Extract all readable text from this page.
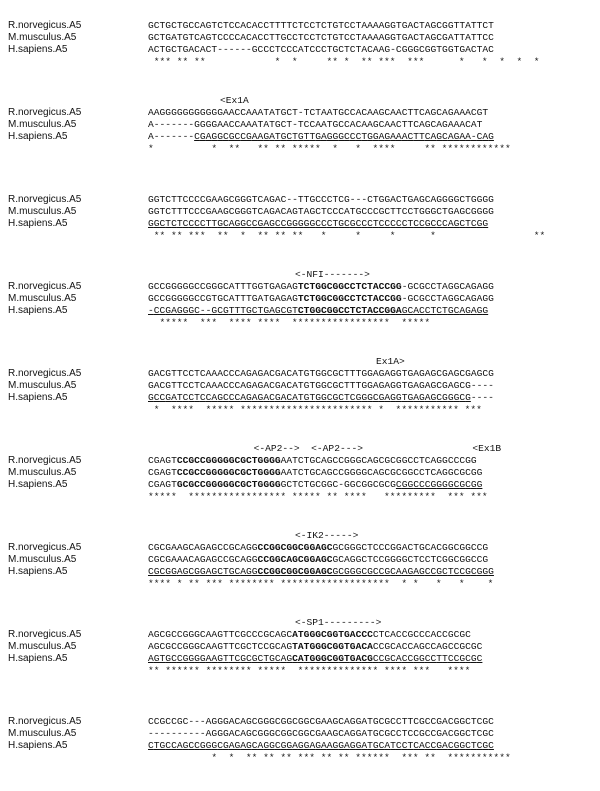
R.norvegicus.A5	GCTGCTGCCAGTCTCCACACCTTTTCTCCTCTGTCCTAAAAGGTGACTAGCGGTTATTCT
M.musculus.A5	GCTGATGTCAGTCCCCACACCTTGCCTCCTCTGTCCTAAAAGGTGACTAGCGATTATTCC
H.sapiens.A5	ACTGCTGACACT------GCCCTCCCATCCCTGCTCTACAAG-CGGGCGGTGGTGACTAC
*** ** **            *  *     ** *  ** ***  ***      *   *  *  *  *
<Ex1A
R.norvegicus.A5	AAGGGGGGGGGGGAACCAAATATGCT-TCTAATGCCACAAGCAACTTCAGCAGAAACGT
M.musculus.A5	A-------GGGGAACCAAATATGCT-TCCAATGCCACAAGCAACTTCAGCAGAAACAT
H.sapiens.A5	A-------CGAGGCGCCGAAGATGCTGTTGAGGGCCCTGGAGAAACTTCAGCAGAA-CAG
*          *  **   ** ** *****  *   *  ****     ** ************
R.norvegicus.A5	GGTCTTCCCCGAAGCGGGTCAGAC--TTGCCCTCG---CTGGACTGAGCAGGGGCTGGGG
M.musculus.A5	GGTCTTTCCCGAAGCGGGTCAGACAGTAGCTCCCATGCCCGCTTCCTGGGCTGAGCGGGG
H.sapiens.A5	GGCTCTCCCCTTGCAGGCCGAGCCGGGGGCCCTGCGCCCTCCCCCTCCGCCCAGCTCGG
** ** ***  **  *  ** ** **   *     *     *      *                 **
<-NFI------->
R.norvegicus.A5	GCCGGGGGCCGGGCATTTGGTGAGAGTCTGGCGGCCTCTACCGG-GCGCCTAGGCAGAGG
M.musculus.A5	GCCGGGGGCCGTGCATTTGATGAGAGTCTGGCGGCCTCTACCGG-GCGCCTAGGCAGAGG
H.sapiens.A5	-CCGAGGGC--GCGTTTGCTGAGCGTCTGGCGGCCTCTACCGGAGCACCTCTGCAGAGG
*****  ***  **** ****  *****************  *****
Ex1A>
R.norvegicus.A5	GACGTTCCTCAAACCCAGAGACGACATGTGGCGCTTTGGAGAGGTGAGAGCGAGCGAGCG
M.musculus.A5	GACGTTCCTCAAACCCAGAGACGACATGTGGCGCTTTGGAGAGGTGAGAGCGAGCG----
H.sapiens.A5	GCCGATCCTCCAGCCCAGAGACGACATGTGGCGCTCGGGCGAGGTGAGAGCGGGCG----
*  ****  ***** *********************** *  *********** ***
<-AP2-->  <-AP2--->                   <Ex1B
R.norvegicus.A5	CGAGTCCGCCGGGGGCGCTGGGGAATCTGCAGCCGGGCAGCGCGGCCTCAGGCCCGG
M.musculus.A5	CGAGTCCGCCGGGGGCGCTGGGGAATCTGCAGCCGGGGCAGCGCGGCCTCAGGCGCGG
H.sapiens.A5	CGAGTGCGCCGGGGGCGCTGGGGGCTCTGCGGC-GGCGGCGCGCGGCCCGGGGCGCGG
*****  ***************** ***** ** ****   *********  *** ***
<-IK2----->
R.norvegicus.A5	CGCGAAGCAGAGCCGCAGGCCGGCGGCGGAGCGCGGGCTCCCGGACTGCACGGCGGCCG
M.musculus.A5	CGCGAAACAGAGCCGCAGGCCGGCAGCGGAGCGCAGGCTCCGGGGCTCCTCGGCGGCCG
H.sapiens.A5	CGCGGAGCGGAGCTGCAGGCCGGCGGCGGAGCGCGGGCGCCGCAAGAGCCGCTCCGCGGG
**** * ** *** ******** *******************  * *   *   *    *
<-SP1--------->
R.norvegicus.A5	AGCGCCGGGCAAGTTCGCCCGCAGCATGGGCGGTGACCCCTCACCGCCCACCGCGC
M.musculus.A5	AGCGCCGGGCAAGTTCGCTCCGCAGTATGGGCGGTGACACCGCACCAGCCAGCCGCGC
H.sapiens.A5	AGTGCCGGGGAAGTTCGCGCTGCAGCATGGGCGGTGACGCCGCACCGGCCTTCCGCGC
** ****** ******** *****  ************** **** ***   ****
R.norvegicus.A5	CCGCCGC---AGGGACAGCGGGCGGCGGCGAAGCAGGATGCGCCTTCGCCGACGGCTCGC
M.musculus.A5	----------AGGGACAGCGGGCGGCGGCGAAGCAGGATGCGCCTCCGCCGACGGCTCGC
H.sapiens.A5	CTGCCAGCCGGGCGAGAGCAGGCGGAGGAGAAGGAGGATGCATCCTCACCGACGGCTCGC
*  *  ** ** ** *** ** ** ******  *** **  ***********
